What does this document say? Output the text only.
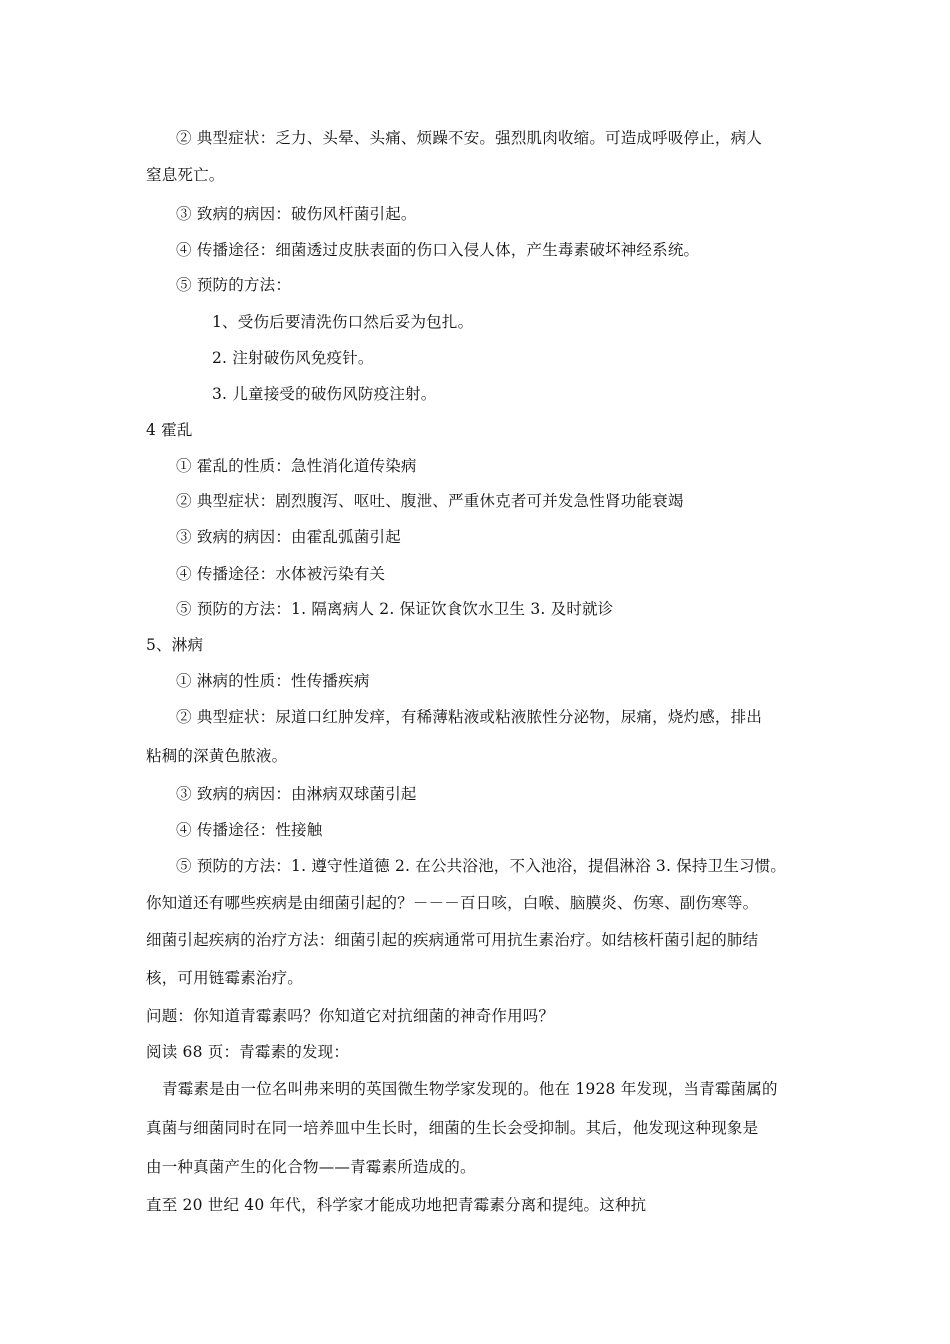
② 典型症状：乏力、头晕、头痛、烦躁不安。强烈肌肉收缩。可造成呼吸停止，病人
窒息死亡。
③ 致病的病因：破伤风杆菌引起。
④ 传播途径：细菌透过皮肤表面的伤口入侵人体，产生毒素破坏神经系统。
⑤ 预防的方法：
1、受伤后要清洗伤口然后妥为包扎。
2. 注射破伤风免疫针。
3. 儿童接受的破伤风防疫注射。
4 霍乱
① 霍乱的性质：急性消化道传染病
② 典型症状：剧烈腹泻、呕吐、腹泄、严重休克者可并发急性肾功能衰竭
③ 致病的病因：由霍乱弧菌引起
④ 传播途径：水体被污染有关
⑤ 预防的方法：1. 隔离病人 2. 保证饮食饮水卫生 3. 及时就诊
5、淋病
① 淋病的性质：性传播疾病
② 典型症状：尿道口红肿发痒，有稀薄粘液或粘液脓性分泌物，尿痛，烧灼感，排出
粘稠的深黄色脓液。
③ 致病的病因：由淋病双球菌引起
④ 传播途径：性接触
⑤ 预防的方法：1. 遵守性道德 2. 在公共浴池，不入池浴，提倡淋浴 3. 保持卫生习惯。
你知道还有哪些疾病是由细菌引起的？－－－百日咳，白喉、脑膜炎、伤寒、副伤寒等。
细菌引起疾病的治疗方法：细菌引起的疾病通常可用抗生素治疗。如结核杆菌引起的肺结
核，可用链霉素治疗。
问题：你知道青霉素吗？你知道它对抗细菌的神奇作用吗？
阅读 68 页：青霉素的发现：
青霉素是由一位名叫弗来明的英国微生物学家发现的。他在 1928 年发现，当青霉菌属的
真菌与细菌同时在同一培养皿中生长时，细菌的生长会受抑制。其后，他发现这种现象是
由一种真菌产生的化合物——青霉素所造成的。
直至 20 世纪 40 年代，科学家才能成功地把青霉素分离和提纯。这种抗
